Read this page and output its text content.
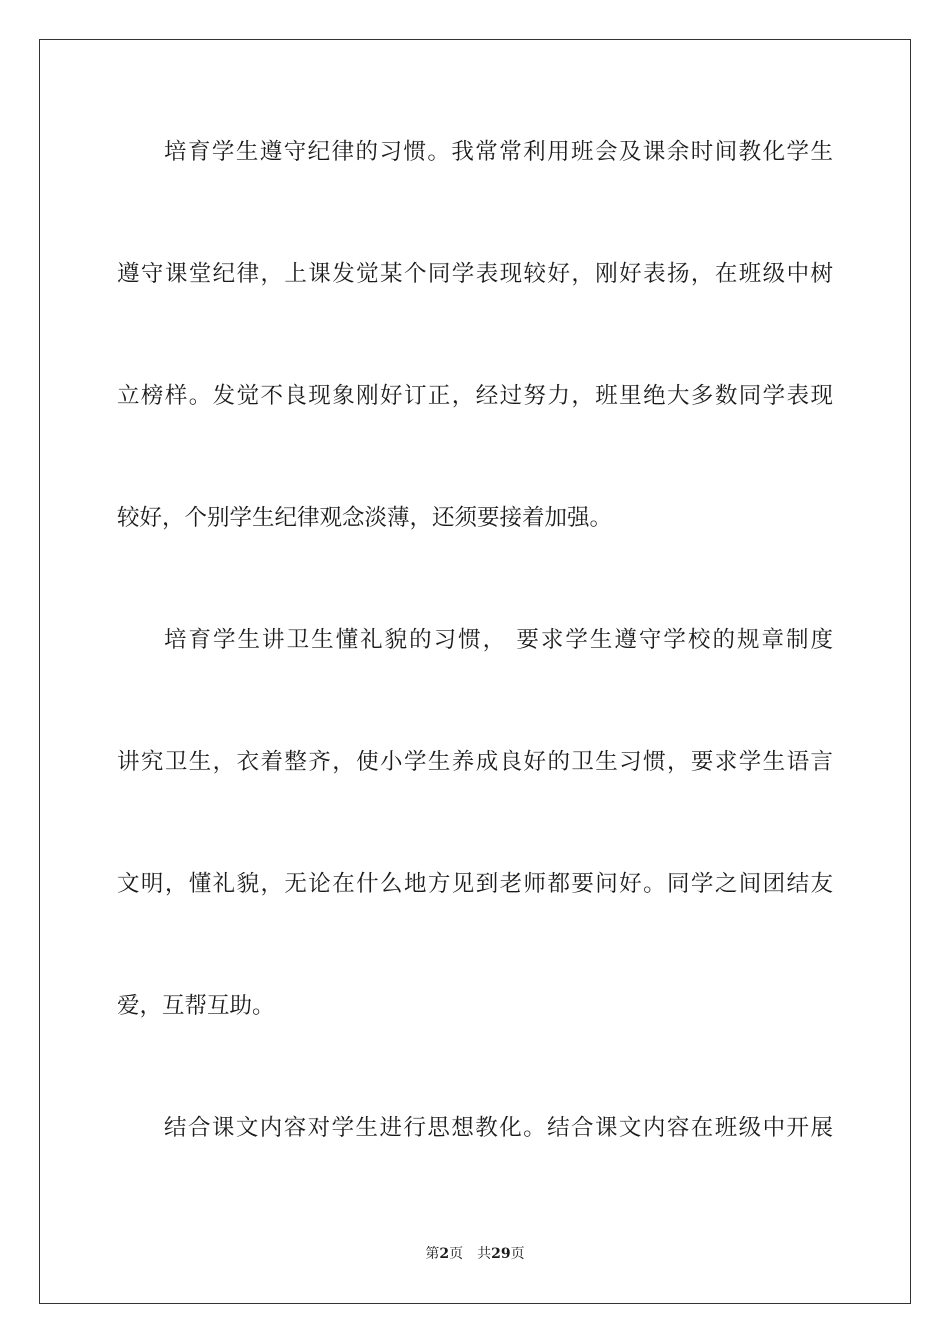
培育学生遵守纪律的习惯。我常常利用班会及课余时间教化学生
遵守课堂纪律，上课发觉某个同学表现较好，刚好表扬，在班级中树
立榜样。发觉不良现象刚好订正，经过努力，班里绝大多数同学表现
较好，个别学生纪律观念淡薄，还须要接着加强。
培育学生讲卫生懂礼貌的习惯， 要求学生遵守学校的规章制度
讲究卫生，衣着整齐，使小学生养成良好的卫生习惯，要求学生语言
文明，懂礼貌，无论在什么地方见到老师都要问好。同学之间团结友
爱，互帮互助。
结合课文内容对学生进行思想教化。结合课文内容在班级中开展
第2页 共29页
